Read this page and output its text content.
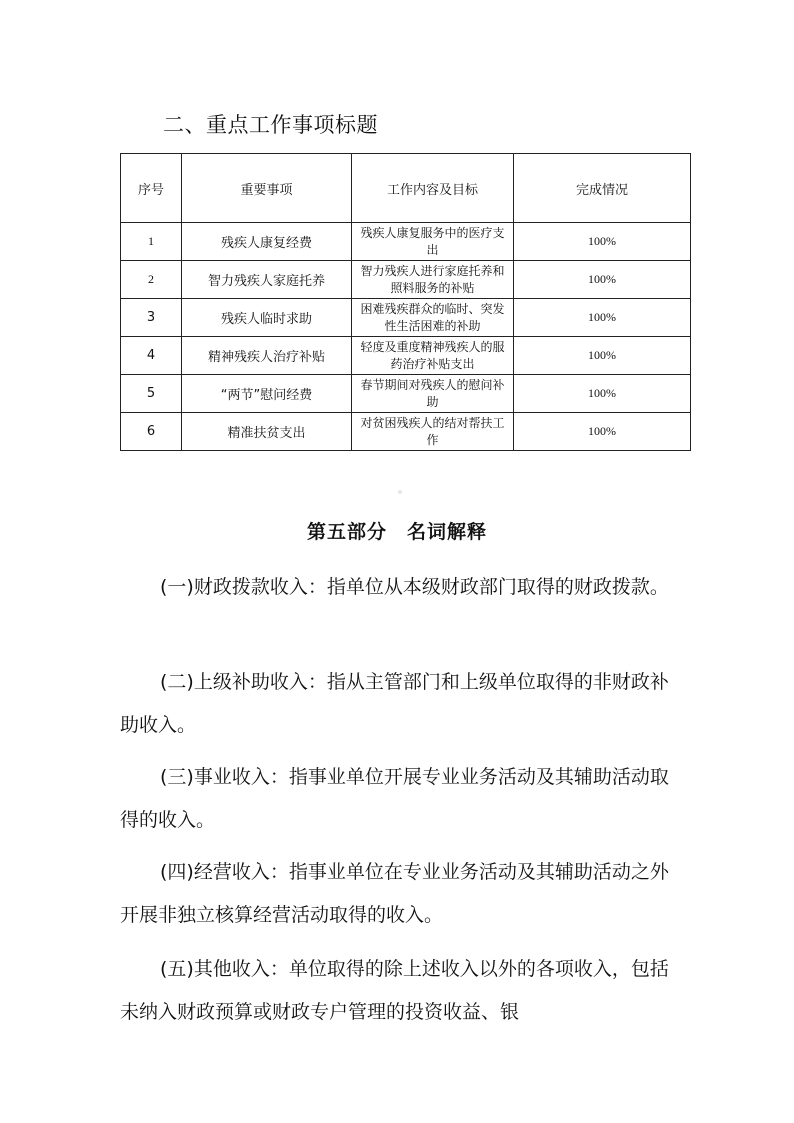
二、重点工作事项标题
序号	重要事项	工作内容及目标	完成情况
1	残疾人康复经费	残疾人康复服务中的医疗支出	100%
2	智力残疾人家庭托养	智力残疾人进行家庭托养和照料服务的补贴	100%
3	残疾人临时求助	困难残疾群众的临时、突发性生活困难的补助	100%
4	精神残疾人治疗补贴	轻度及重度精神残疾人的服药治疗补贴支出	100%
5	“两节”慰问经费	春节期间对残疾人的慰问补助	100%
6	精准扶贫支出	对贫困残疾人的结对帮扶工作	100%
第五部分　名词解释
(一)财政拨款收入：指单位从本级财政部门取得的财政拨款。
(二)上级补助收入：指从主管部门和上级单位取得的非财政补助收入。
(三)事业收入：指事业单位开展专业业务活动及其辅助活动取得的收入。
(四)经营收入：指事业单位在专业业务活动及其辅助活动之外开展非独立核算经营活动取得的收入。
(五)其他收入：单位取得的除上述收入以外的各项收入，包括未纳入财政预算或财政专户管理的投资收益、银
